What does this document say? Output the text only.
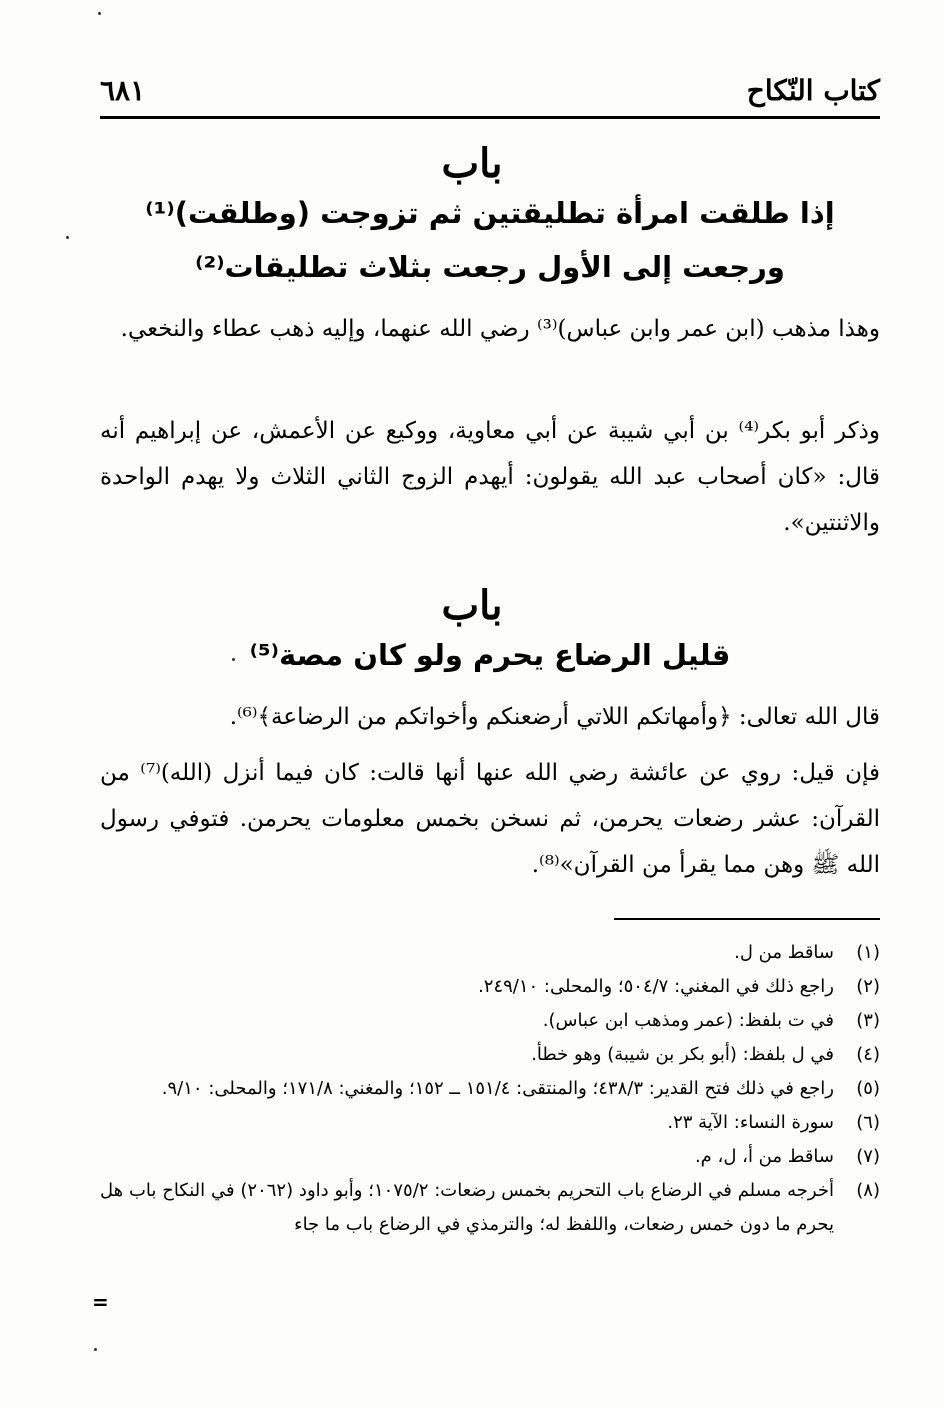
كتاب النّكاح
٦٨١
باب
إذا طلقت امرأة تطليقتين ثم تزوجت (وطلقت)⁽¹⁾
ورجعت إلى الأول رجعت بثلاث تطليقات⁽²⁾
وهذا مذهب (ابن عمر وابن عباس)⁽³⁾ رضي الله عنهما، وإليه ذهب عطاء والنخعي.
وذكر أبو بكر⁽⁴⁾ بن أبي شيبة عن أبي معاوية، ووكيع عن الأعمش، عن إبراهيم أنه قال: «كان أصحاب عبد الله يقولون: أيهدم الزوج الثاني الثلاث ولا يهدم الواحدة والاثنتين».
باب
قليل الرضاع يحرم ولو كان مصة⁽⁵⁾
قال الله تعالى: ﴿وأمهاتكم اللاتي أرضعنكم وأخواتكم من الرضاعة﴾⁽⁶⁾.
فإن قيل: روي عن عائشة رضي الله عنها أنها قالت: كان فيما أنزل (الله)⁽⁷⁾ من القرآن: عشر رضعات يحرمن، ثم نسخن بخمس معلومات يحرمن. فتوفي رسول الله ﷺ وهن مما يقرأ من القرآن»⁽⁸⁾.
(١)
ساقط من ل.
(٢)
راجع ذلك في المغني: ٥٠٤/٧؛ والمحلى: ٢٤٩/١٠.
(٣)
في ت بلفظ: (عمر ومذهب ابن عباس).
(٤)
في ل بلفظ: (أبو بكر بن شيبة) وهو خطأ.
(٥)
راجع في ذلك فتح القدير: ٤٣٨/٣؛ والمنتقى: ١٥١/٤ ــ ١٥٢؛ والمغني: ١٧١/٨؛ والمحلى: ٩/١٠.
(٦)
سورة النساء: الآية ٢٣.
(٧)
ساقط من أ، ل، م.
(٨)
أخرجه مسلم في الرضاع باب التحريم بخمس رضعات: ١٠٧٥/٢؛ وأبو داود (٢٠٦٢) في النكاح باب هل يحرم ما دون خمس رضعات، واللفظ له؛ والترمذي في الرضاع باب ما جاء
=
